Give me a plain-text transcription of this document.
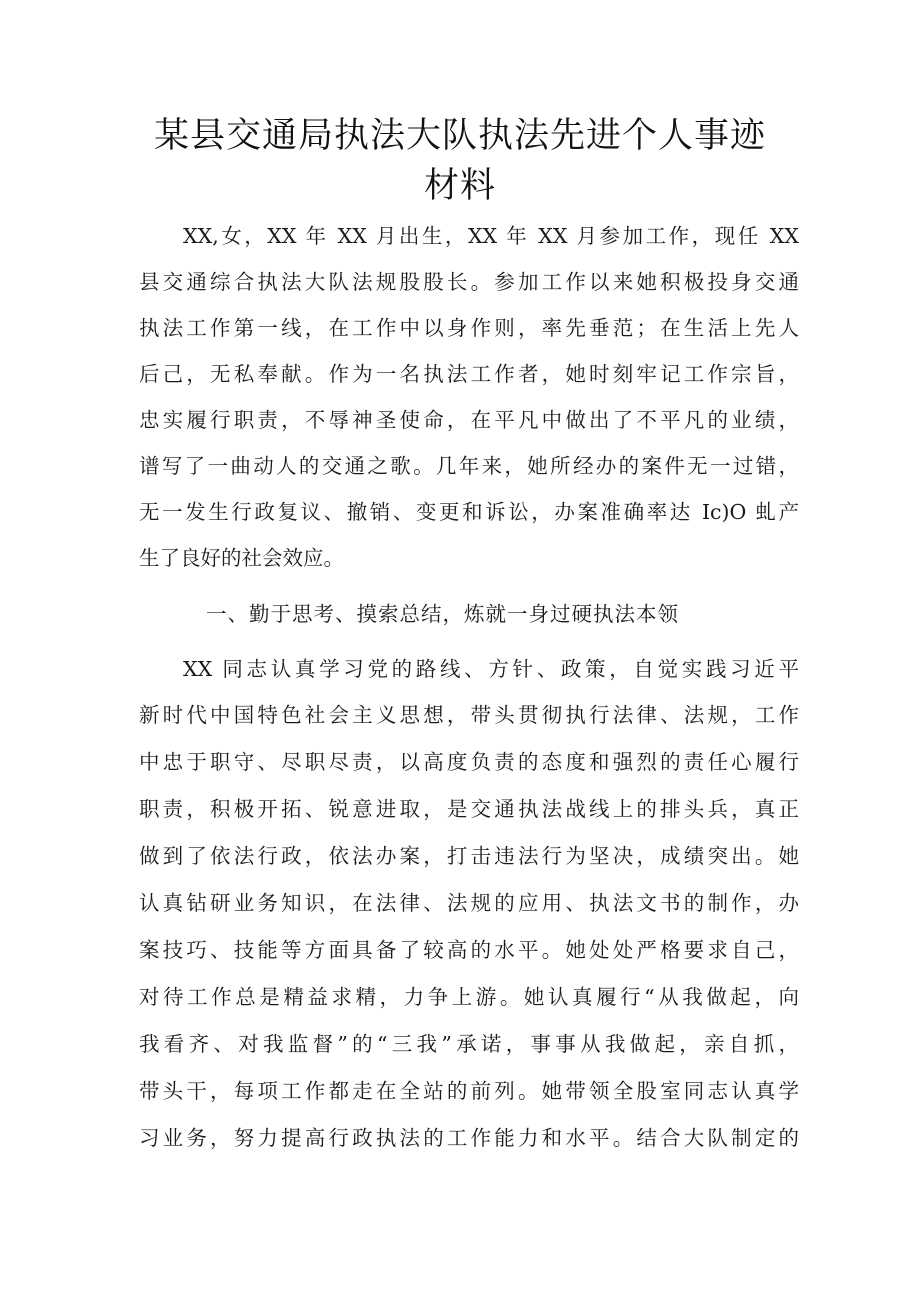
某县交通局执法大队执法先进个人事迹
材料
XX,女，XX 年 XX 月出生，XX 年 XX 月参加工作，现任 XX
县交通综合执法大队法规股股长。参加工作以来她积极投身交通
执法工作第一线，在工作中以身作则，率先垂范；在生活上先人
后己，无私奉献。作为一名执法工作者，她时刻牢记工作宗旨，
忠实履行职责，不辱神圣使命，在平凡中做出了不平凡的业绩，
谱写了一曲动人的交通之歌。几年来，她所经办的案件无一过错，
无一发生行政复议、撤销、变更和诉讼，办案准确率达 Ic)O 虬产
生了良好的社会效应。
一、勤于思考、摸索总结，炼就一身过硬执法本领
XX 同志认真学习党的路线、方针、政策，自觉实践习近平
新时代中国特色社会主义思想，带头贯彻执行法律、法规，工作
中忠于职守、尽职尽责，以高度负责的态度和强烈的责任心履行
职责，积极开拓、锐意进取，是交通执法战线上的排头兵，真正
做到了依法行政，依法办案，打击违法行为坚决，成绩突出。她
认真钻研业务知识，在法律、法规的应用、执法文书的制作，办
案技巧、技能等方面具备了较高的水平。她处处严格要求自己，
对待工作总是精益求精，力争上游。她认真履行“从我做起，向
我看齐、对我监督”的“三我”承诺，事事从我做起，亲自抓，
带头干，每项工作都走在全站的前列。她带领全股室同志认真学
习业务，努力提高行政执法的工作能力和水平。结合大队制定的
